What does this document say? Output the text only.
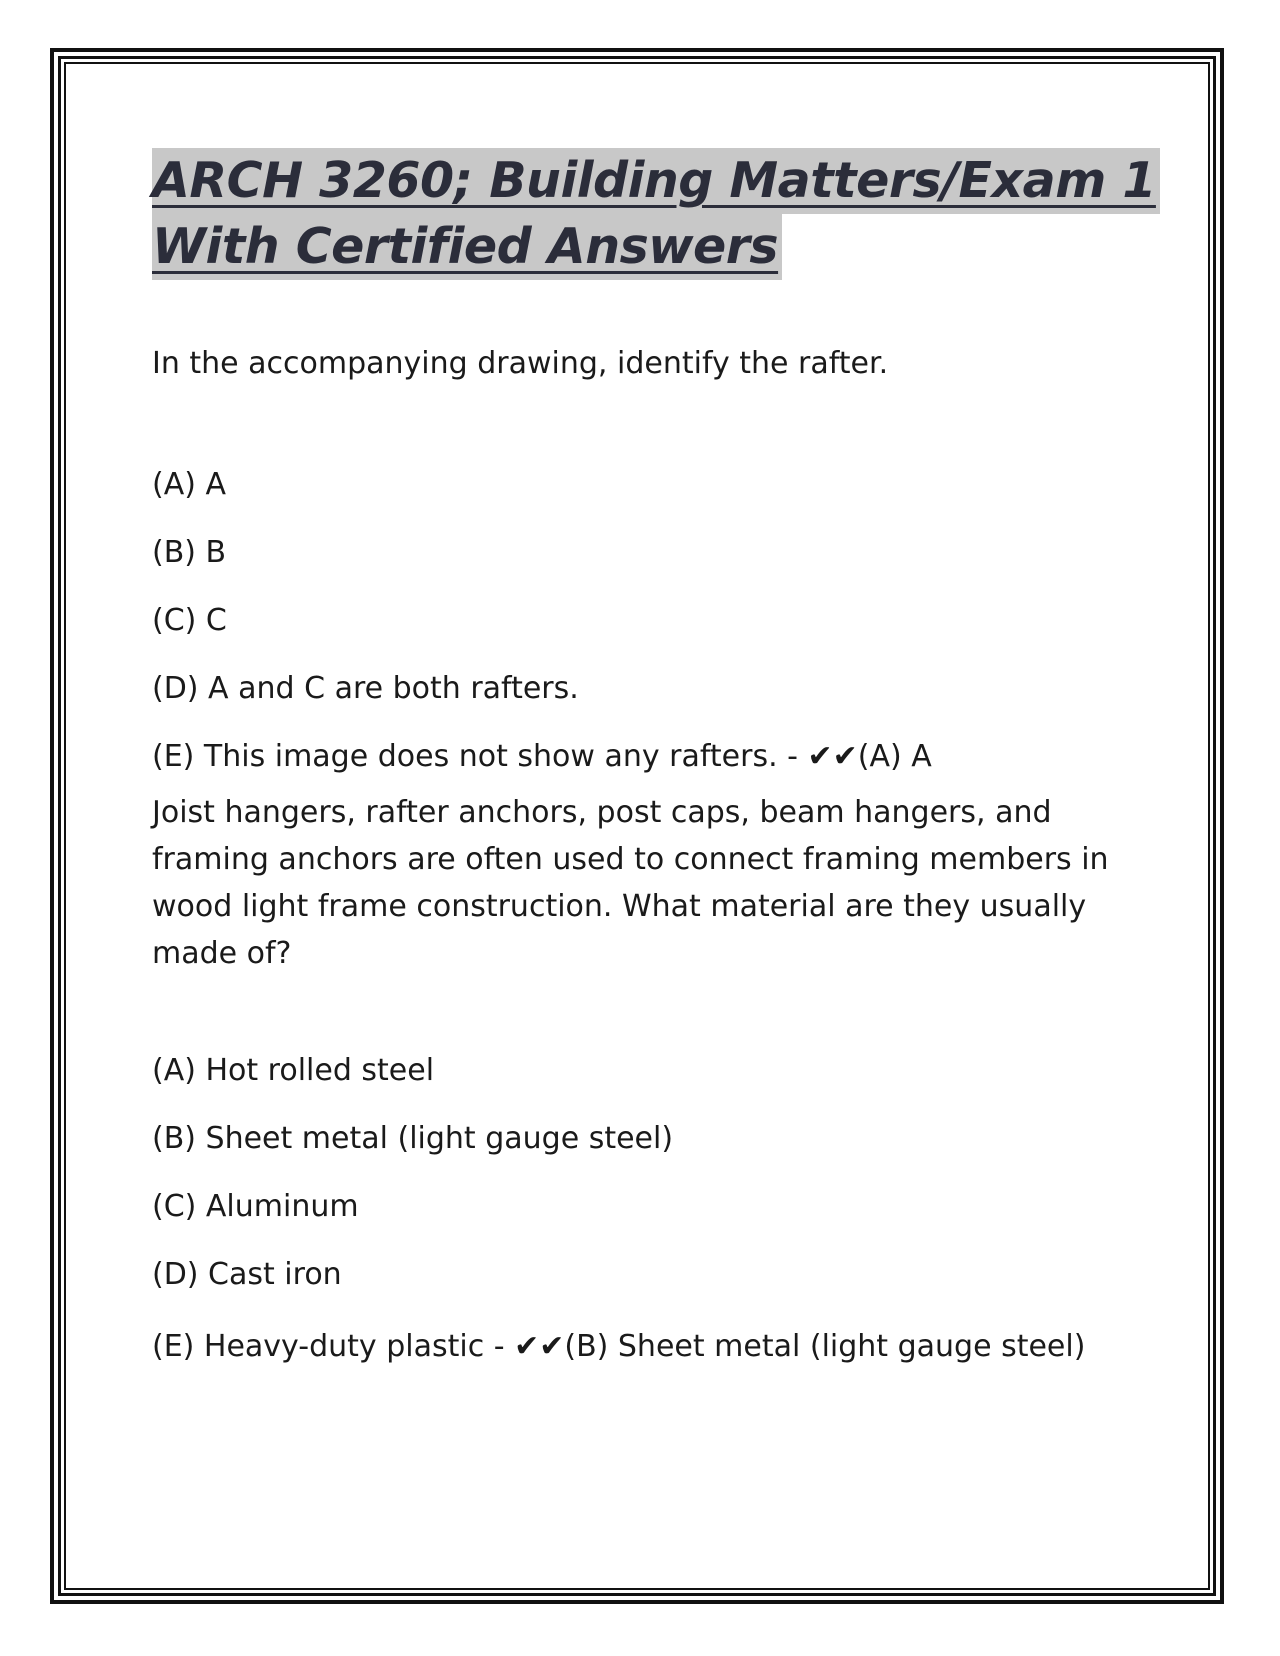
ARCH 3260; Building Matters/Exam 1
With Certified Answers

In the accompanying drawing, identify the rafter.

(A) A

(B) B

(C) C

(D) A and C are both rafters.

(E) This image does not show any rafters. - ✔✔(A) A

Joist hangers, rafter anchors, post caps, beam hangers, and framing anchors are often used to connect framing members in wood light frame construction. What material are they usually made of?

(A) Hot rolled steel

(B) Sheet metal (light gauge steel)

(C) Aluminum

(D) Cast iron

(E) Heavy-duty plastic - ✔✔(B) Sheet metal (light gauge steel)
